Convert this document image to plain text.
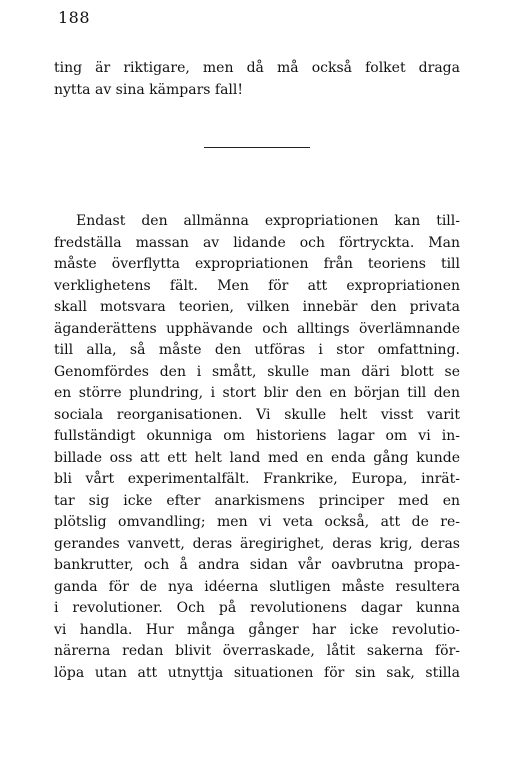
188
ting är riktigare, men då må också folket draga
nytta av sina kämpars fall!
Endast den allmänna expropriationen kan till-
fredställa massan av lidande och förtryckta. Man
måste överflytta expropriationen från teoriens till
verklighetens fält. Men för att expropriationen
skall motsvara teorien, vilken innebär den privata
äganderättens upphävande och alltings överlämnande
till alla, så måste den utföras i stor omfattning.
Genomfördes den i smått, skulle man däri blott se
en större plundring, i stort blir den en början till den
sociala reorganisationen. Vi skulle helt visst varit
fullständigt okunniga om historiens lagar om vi in-
billade oss att ett helt land med en enda gång kunde
bli vårt experimentalfält. Frankrike, Europa, inrät-
tar sig icke efter anarkismens principer med en
plötslig omvandling; men vi veta också, att de re-
gerandes vanvett, deras äregirighet, deras krig, deras
bankrutter, och å andra sidan vår oavbrutna propa-
ganda för de nya idéerna slutligen måste resultera
i revolutioner. Och på revolutionens dagar kunna
vi handla. Hur många gånger har icke revolutio-
närerna redan blivit överraskade, låtit sakerna för-
löpa utan att utnyttja situationen för sin sak, stilla
